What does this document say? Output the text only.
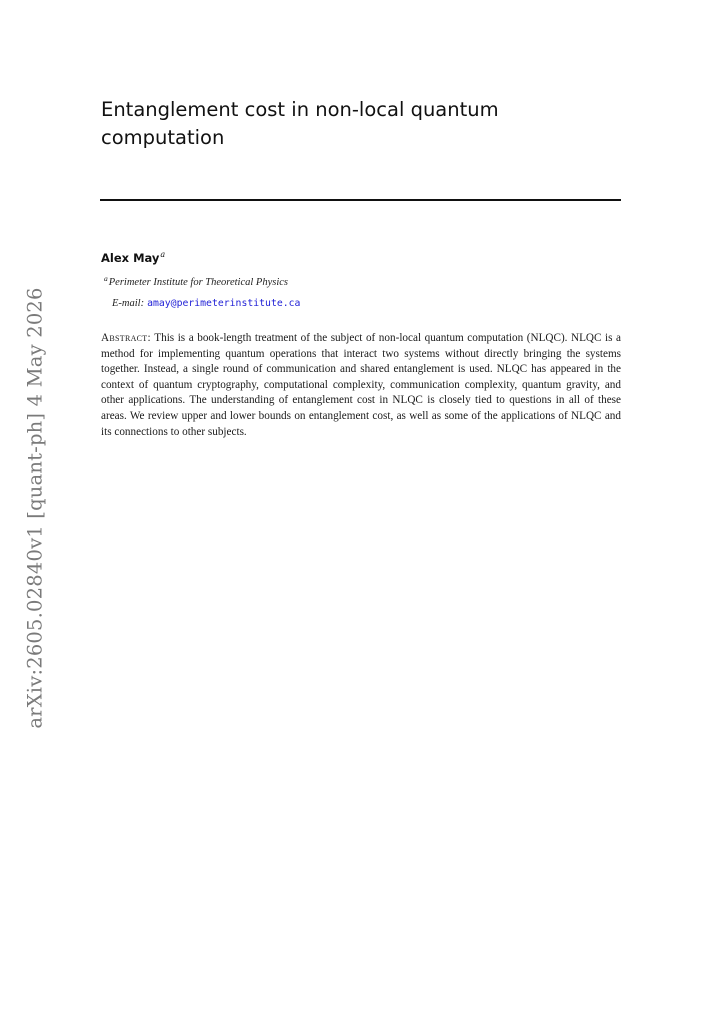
arXiv:2605.02840v1 [quant-ph] 4 May 2026
Entanglement cost in non-local quantum computation
Alex May$^a$
$^a$Perimeter Institute for Theoretical Physics
E-mail: amay@perimeterinstitute.ca

Abstract: This is a book-length treatment of the subject of non-local quantum computation (NLQC). NLQC is a method for implementing quantum operations that interact two systems without directly bringing the systems together. Instead, a single round of communication and shared entanglement is used. NLQC has appeared in the context of quantum cryptography, computational complexity, communication complexity, quantum gravity, and other applications. The understanding of entanglement cost in NLQC is closely tied to questions in all of these areas. We review upper and lower bounds on entanglement cost, as well as some of the applications of NLQC and its connections to other subjects.
